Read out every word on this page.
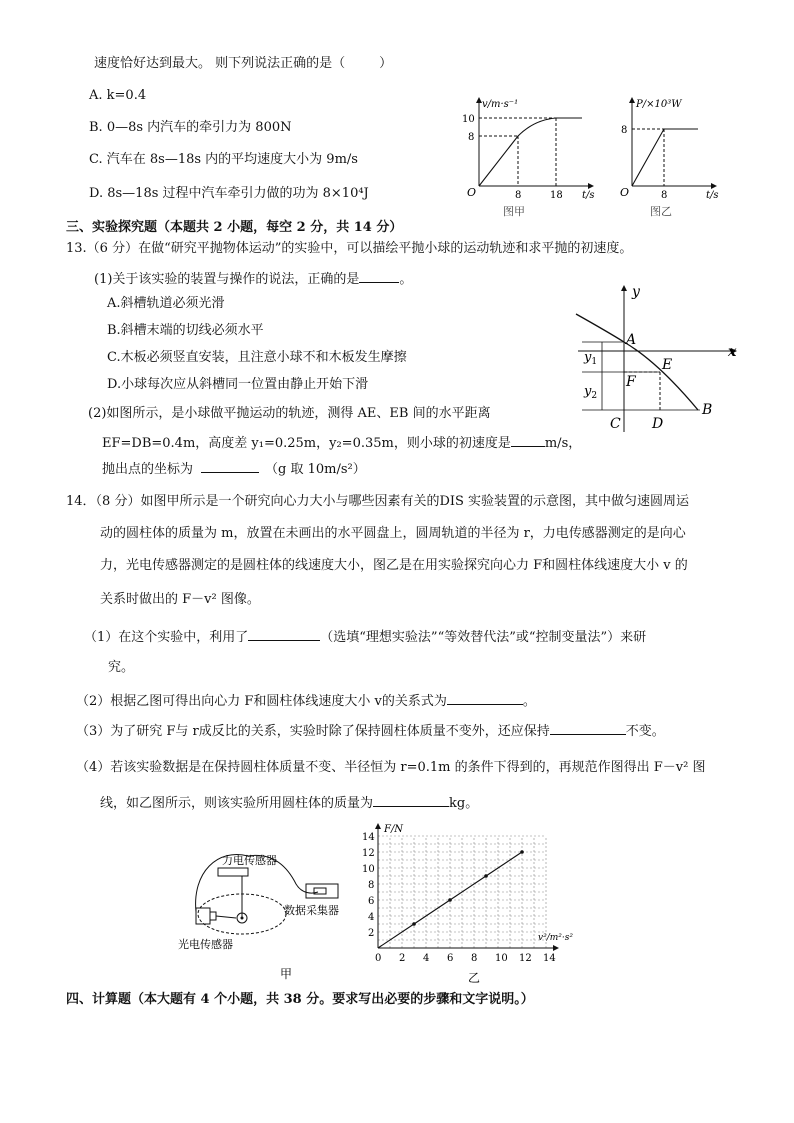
速度恰好达到最大。 则下列说法正确的是（	）
A. k=0.4
B. 0—8s 内汽车的牵引力为 800N
C. 汽车在 8s—18s 内的平均速度大小为 9m/s
D. 8s—18s 过程中汽车牵引力做的功为 8×10⁴J
v/m·s⁻¹
10
8
O	8	18 t/s
图甲
P/×10³W
8
O	8	t/s
图乙
三、实验探究题（本题共 2 小题，每空 2 分，共 14 分）
13.（6 分）在做“研究平抛物体运动”的实验中，可以描绘平抛小球的运动轨迹和求平抛的初速度。
(1)关于该实验的装置与操作的说法，正确的是	。
A.斜槽轨道必须光滑
B.斜槽末端的切线必须水平
C.木板必须竖直安装，且注意小球不和木板发生摩擦
D.小球每次应从斜槽同一位置由静止开始下滑
(2)如图所示，是小球做平抛运动的轨迹，测得 AE、EB 间的水平距离
EF=DB=0.4m，高度差 y₁=0.25m，y₂=0.35m，则小球的初速度是	m/s，
抛出点的坐标为	（g 取 10m/s²）
y
x
A
E
F
B
C D
$y_1$
$y_2$
14．（8 分）如图甲所示是一个研究向心力大小与哪些因素有关的DIS 实验装置的示意图，其中做匀速圆周运
动的圆柱体的质量为 m，放置在未画出的水平圆盘上，圆周轨道的半径为 r，力电传感器测定的是向心
力，光电传感器测定的是圆柱体的线速度大小，图乙是在用实验探究向心力 F和圆柱体线速度大小 v 的
关系时做出的 F－v² 图像。
（1）在这个实验中，利用了	（选填“理想实验法”“等效替代法”或“控制变量法”）来研
究。
（2）根据乙图可得出向心力 F和圆柱体线速度大小 v的关系式为	。
（3）为了研究 F与 r成反比的关系，实验时除了保持圆柱体质量不变外，还应保持	不变。
（4）若该实验数据是在保持圆柱体质量不变、半径恒为 r=0.1m 的条件下得到的，再规范作图得出 F－v² 图
线，如乙图所示，则该实验所用圆柱体的质量为	kg。
力电传感器
数据采集器
光电传感器
甲
0 2 4 6 8 10 12 14
2
4
6
8
10
12
14
F/N
v²/m²·s²
乙
四、计算题（本大题有 4 个小题，共 38 分。要求写出必要的步骤和文字说明。）
